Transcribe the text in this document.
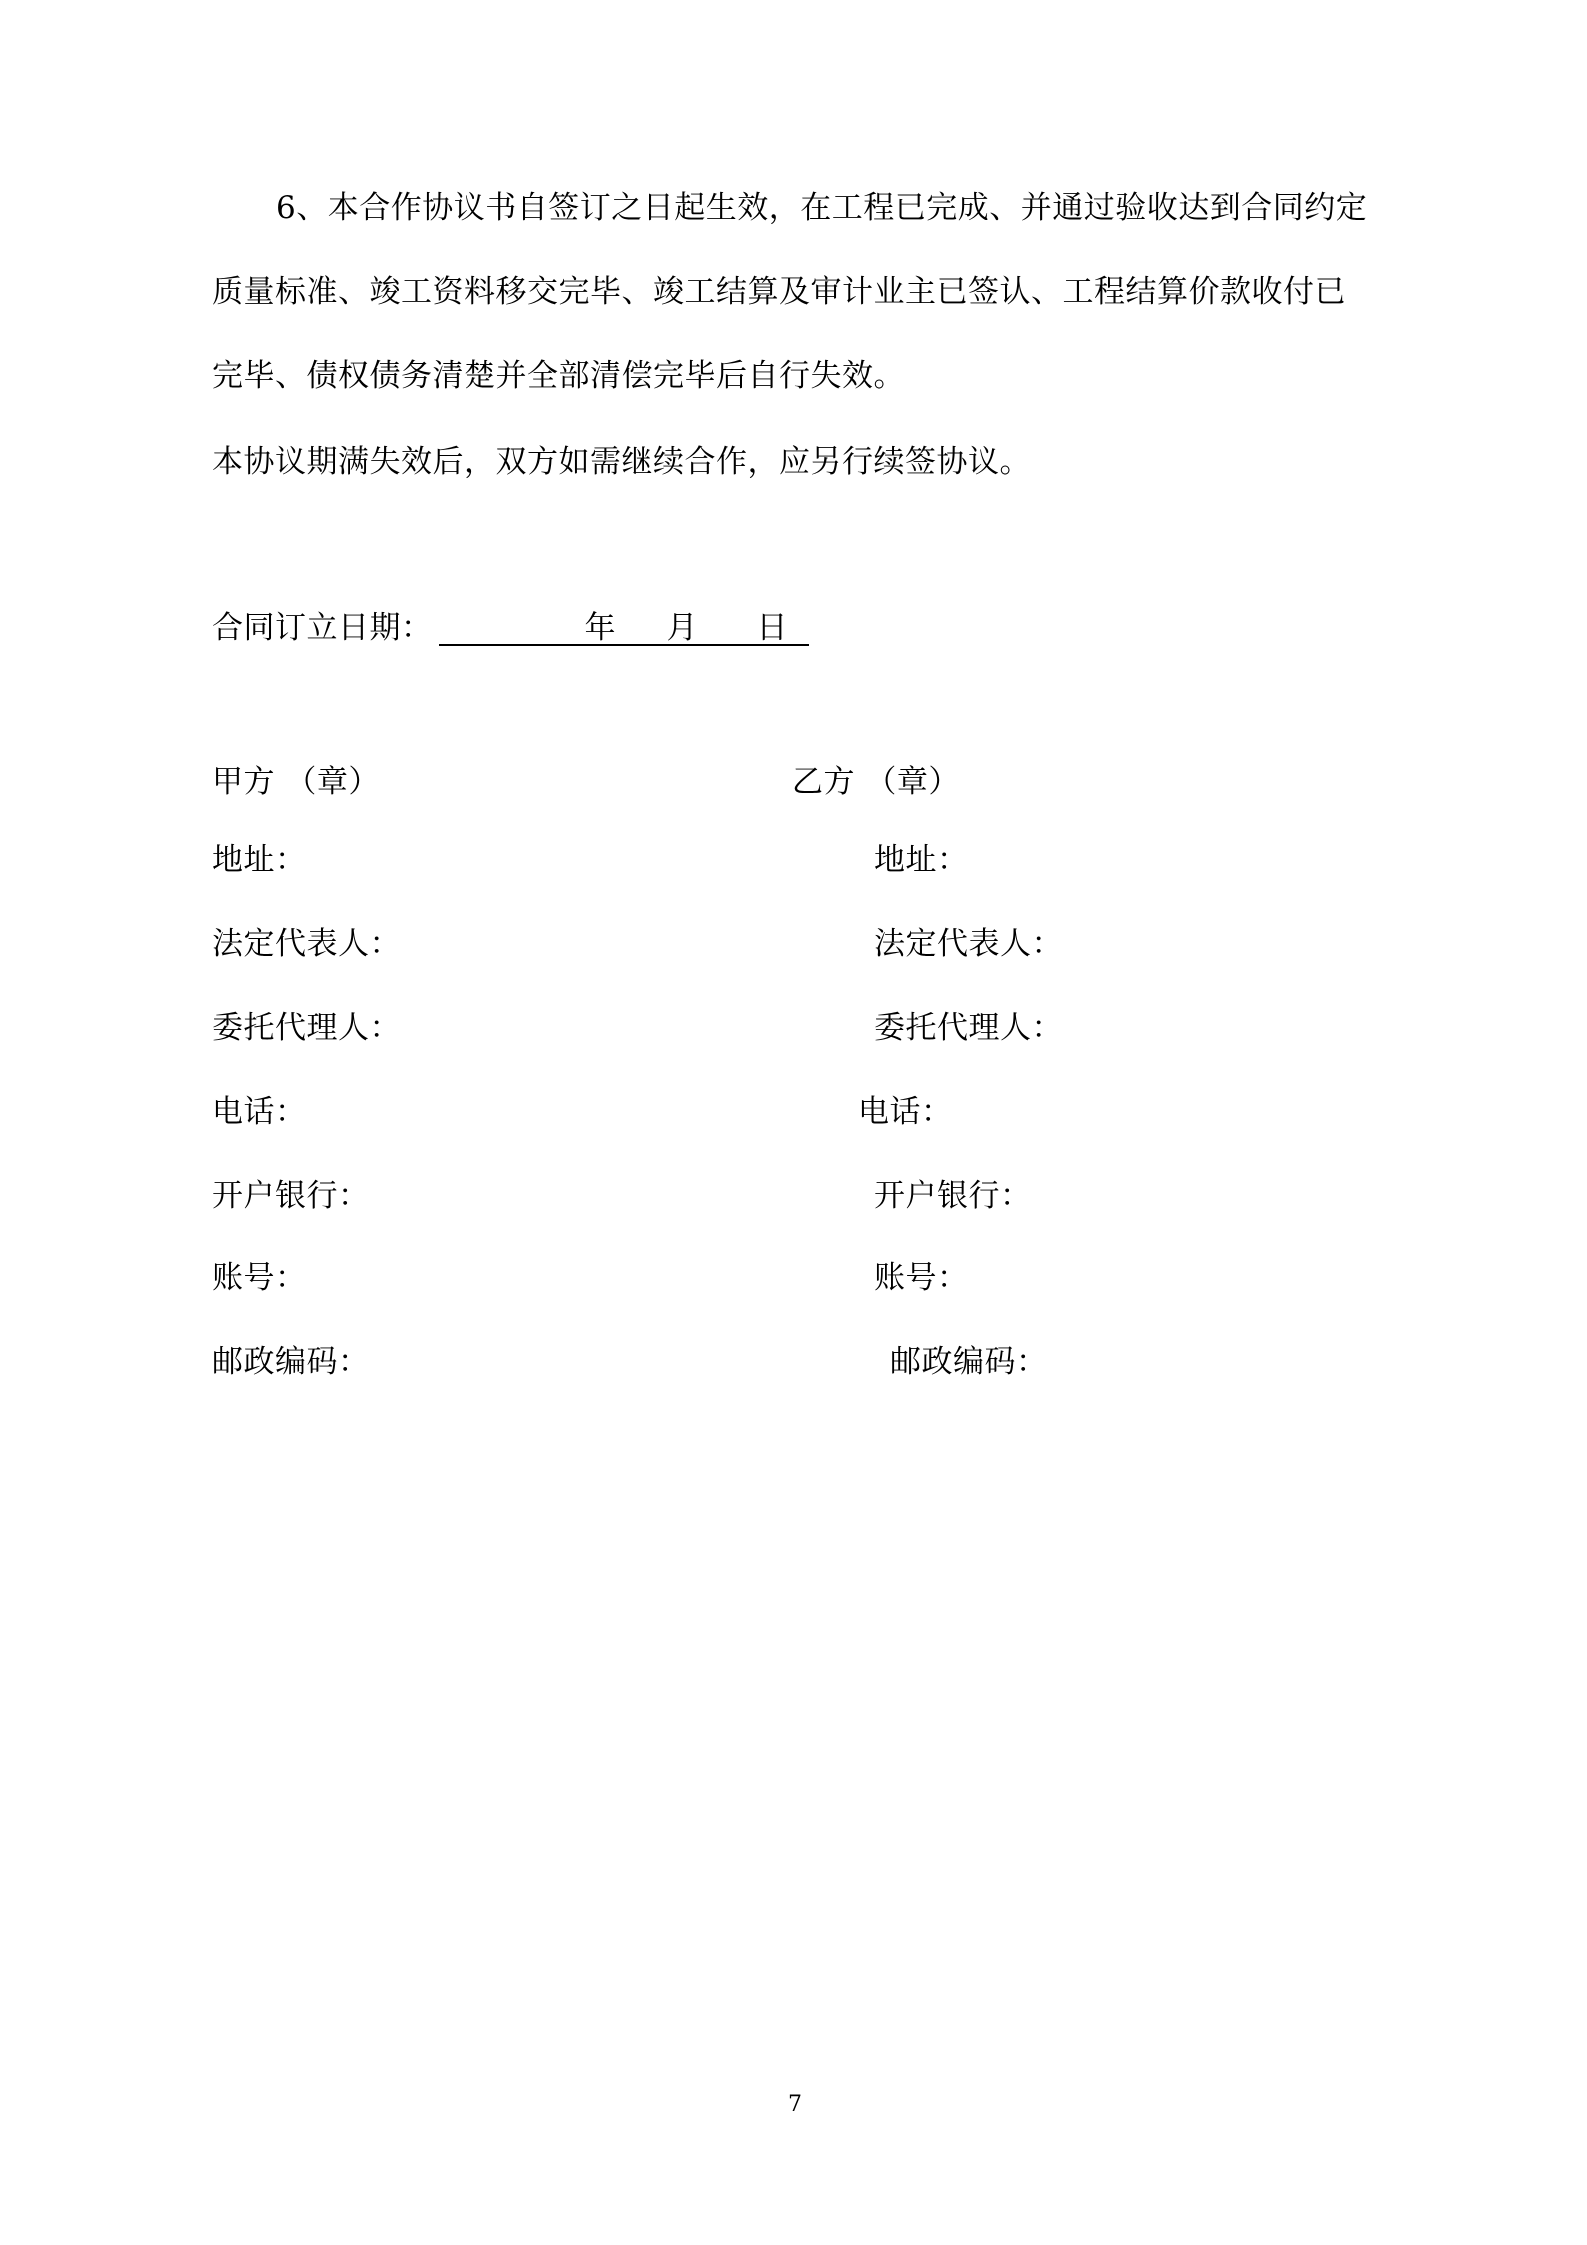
6、本合作协议书自签订之日起生效，在工程已完成、并通过验收达到合同约定
质量标准、竣工资料移交完毕、竣工结算及审计业主已签认、工程结算价款收付已
完毕、债权债务清楚并全部清偿完毕后自行失效。
本协议期满失效后，双方如需继续合作，应另行续签协议。
合同订立日期：	年 月 日
甲方 （章）
地址：
法定代表人：
委托代理人：
电话：
开户银行：
账号：
邮政编码：
乙方 （章）
地址：
法定代表人：
委托代理人：
电话：
开户银行：
账号：
邮政编码：
7
